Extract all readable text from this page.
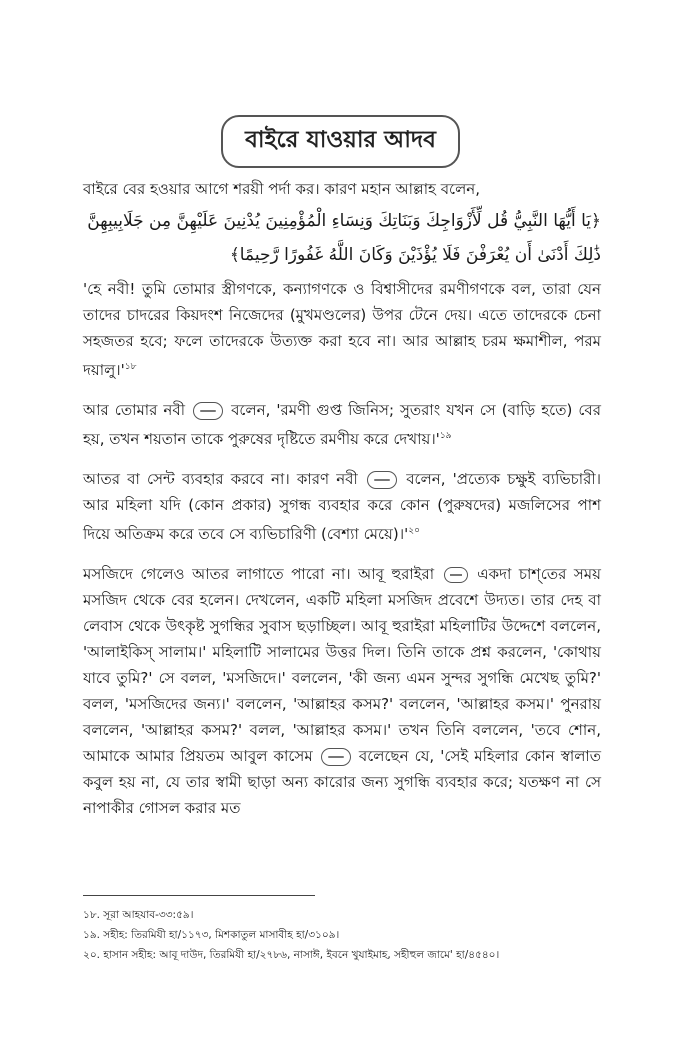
বাইরে যাওয়ার আদব

বাইরে বের হওয়ার আগে শরয়ী পর্দা কর। কারণ মহান আল্লাহ বলেন,

﴿يَا أَيُّهَا النَّبِيُّ قُل لِّأَزْوَاجِكَ وَبَنَاتِكَ وَنِسَاءِ الْمُؤْمِنِينَ يُدْنِينَ عَلَيْهِنَّ مِن جَلَابِيبِهِنَّ ذَٰلِكَ أَدْنَىٰ أَن يُعْرَفْنَ فَلَا يُؤْذَيْنَ وَكَانَ اللَّهُ غَفُورًا رَّحِيمًا﴾

'হে নবী! তুমি তোমার স্ত্রীগণকে, কন্যাগণকে ও বিশ্বাসীদের রমণীগণকে বল, তারা যেন তাদের চাদরের কিয়দংশ নিজেদের (মুখমণ্ডলের) উপর টেনে দেয়। এতে তাদেরকে চেনা সহজতর হবে; ফলে তাদেরকে উত্যক্ত করা হবে না। আর আল্লাহ চরম ক্ষমাশীল, পরম $দয়ালু।'^{১৮}$

আর তোমার নবী	বলেন, 'রমণী গুপ্ত জিনিস; সুতরাং যখন সে (বাড়ি হতে) বের হয়, তখন শয়তান তাকে পুরুষের দৃষ্টিতে রমণীয় করে $দেখায়।'^{১৯}$

আতর বা সেন্ট ব্যবহার করবে না। কারণ নবী	বলেন, 'প্রত্যেক চক্ষুই ব্যভিচারী। আর মহিলা যদি (কোন প্রকার) সুগন্ধ ব্যবহার করে কোন (পুরুষদের) মজলিসের পাশ দিয়ে অতিক্রম করে তবে সে ব্যভিচারিণী (বেশ্যা $মেয়ে)।'^{২০}$

মসজিদে গেলেও আতর লাগাতে পারো না। আবূ হুরাইরা	একদা চাশ্‌তের সময় মসজিদ থেকে বের হলেন। দেখলেন, একটি মহিলা মসজিদ প্রবেশে উদ্যত। তার দেহ বা লেবাস থেকে উৎকৃষ্ট সুগন্ধির সুবাস ছড়াচ্ছিল। আবূ হুরাইরা মহিলাটির উদ্দেশে বললেন, 'আলাইকিস্ সালাম।' মহিলাটি সালামের উত্তর দিল। তিনি তাকে প্রশ্ন করলেন, 'কোথায় যাবে তুমি?' সে বলল, 'মসজিদে।' বললেন, 'কী জন্য এমন সুন্দর সুগন্ধি মেখেছ তুমি?' বলল, 'মসজিদের জন্য।' বললেন, 'আল্লাহর কসম?' বললেন, 'আল্লাহর কসম।' পুনরায় বললেন, 'আল্লাহর কসম?' বলল, 'আল্লাহর কসম।' তখন তিনি বললেন, 'তবে শোন, আমাকে আমার প্রিয়তম আবুল কাসেম	বলেছেন যে, 'সেই মহিলার কোন স্বালাত কবুল হয় না, যে তার স্বামী ছাড়া অন্য কারোর জন্য সুগন্ধি ব্যবহার করে; যতক্ষণ না সে নাপাকীর গোসল করার মত

১৮. সূরা আহযাব-৩৩:৫৯।

১৯. সহীহ: তিরমিযী হা/১১৭৩, মিশকাতুল মাসাবীহ হা/৩১০৯।

২০. হাসান সহীহ: আবূ দাউদ, তিরমিযী হা/২৭৮৬, নাসাঈ, ইবনে খুযাইমাহ, সহীহুল জামে' হা/৪৫৪০।
